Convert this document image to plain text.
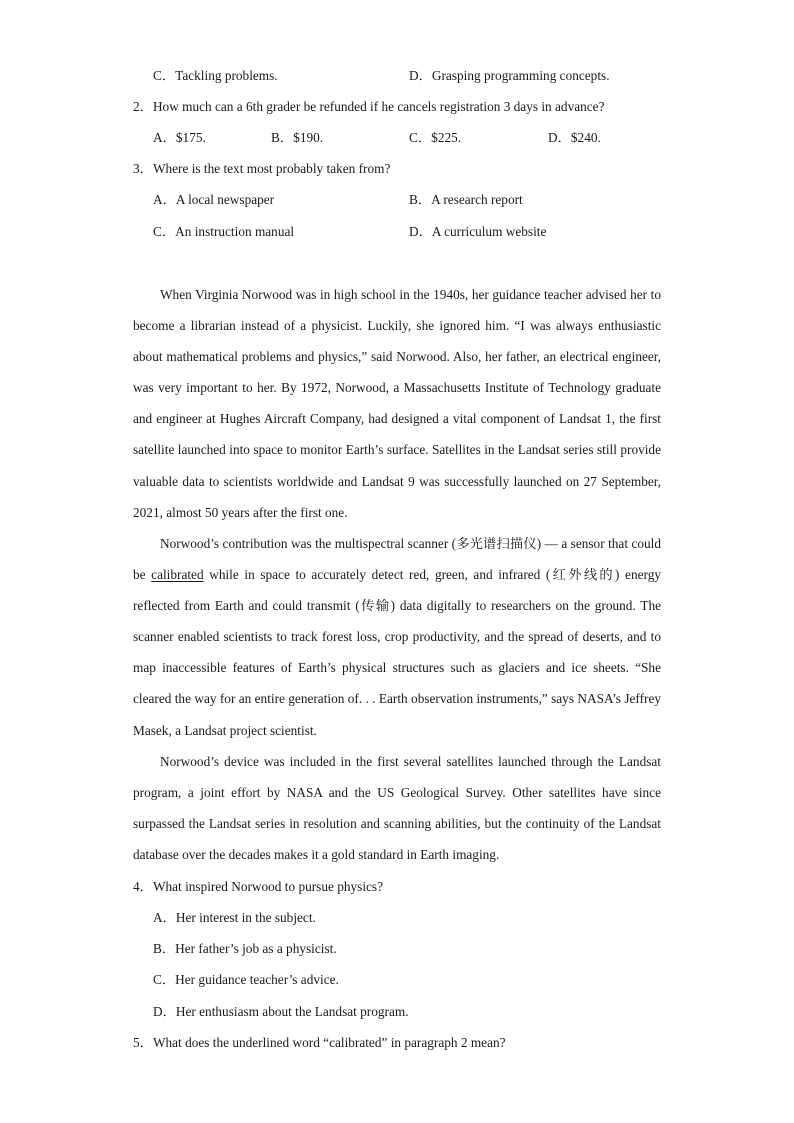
C．Tackling problems.	D．Grasping programming concepts.
2．How much can a 6th grader be refunded if he cancels registration 3 days in advance?
A．$175.	B．$190.	C．$225.	D．$240.
3．Where is the text most probably taken from?
A．A local newspaper	B．A research report
C．An instruction manual	D．A curriculum website
When Virginia Norwood was in high school in the 1940s, her guidance teacher advised her to become a librarian instead of a physicist. Luckily, she ignored him. “I was always enthusiastic about mathematical problems and physics,” said Norwood. Also, her father, an electrical engineer, was very important to her. By 1972, Norwood, a Massachusetts Institute of Technology graduate and engineer at Hughes Aircraft Company, had designed a vital component of Landsat 1, the first satellite launched into space to monitor Earth’s surface. Satellites in the Landsat series still provide valuable data to scientists worldwide and Landsat 9 was successfully launched on 27 September, 2021, almost 50 years after the first one.
Norwood’s contribution was the multispectral scanner (多光谱扫描仪) — a sensor that could be calibrated while in space to accurately detect red, green, and infrared (红外线的) energy reflected from Earth and could transmit (传输) data digitally to researchers on the ground. The scanner enabled scientists to track forest loss, crop productivity, and the spread of deserts, and to map inaccessible features of Earth’s physical structures such as glaciers and ice sheets. “She cleared the way for an entire generation of. . . Earth observation instruments,” says NASA’s Jeffrey Masek, a Landsat project scientist.
Norwood’s device was included in the first several satellites launched through the Landsat program, a joint effort by NASA and the US Geological Survey. Other satellites have since surpassed the Landsat series in resolution and scanning abilities, but the continuity of the Landsat database over the decades makes it a gold standard in Earth imaging.
4．What inspired Norwood to pursue physics?
A．Her interest in the subject.
B．Her father’s job as a physicist.
C．Her guidance teacher’s advice.
D．Her enthusiasm about the Landsat program.
5．What does the underlined word “calibrated” in paragraph 2 mean?
